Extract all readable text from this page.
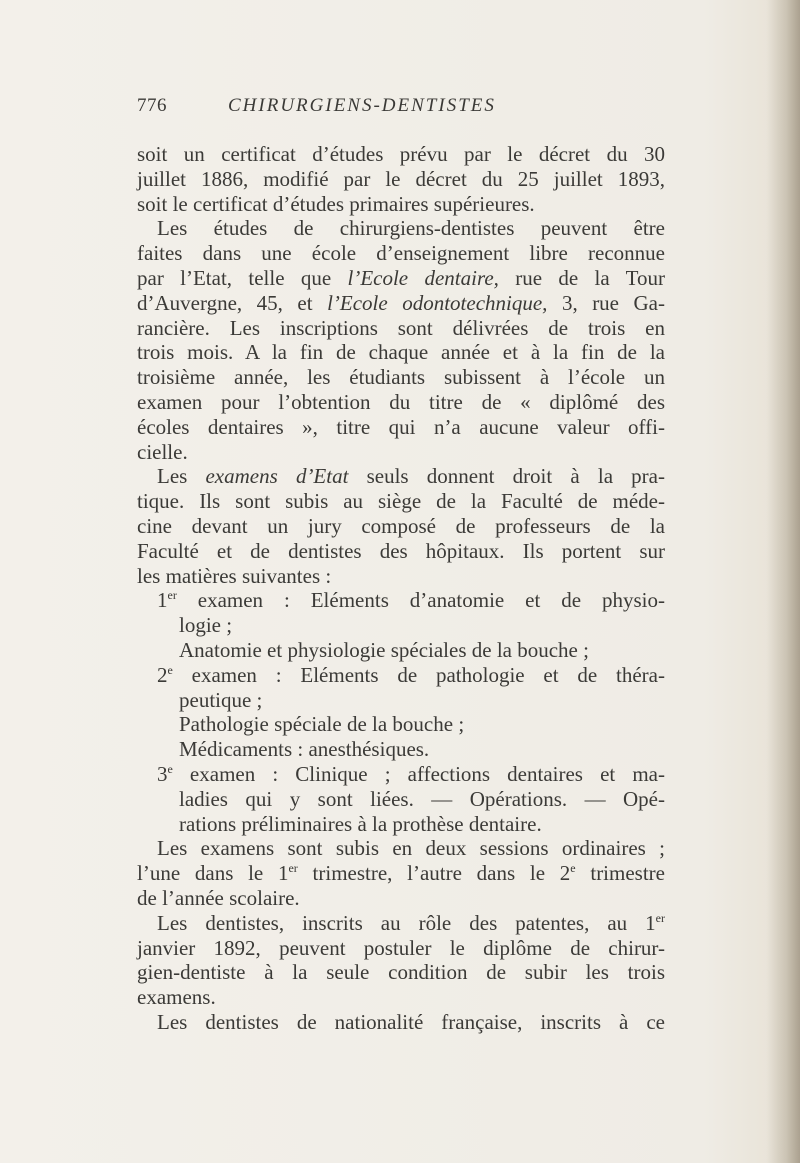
776	CHIRURGIENS-DENTISTES
soit un certificat d’études prévu par le décret du 30
juillet 1886, modifié par le décret du 25 juillet 1893,
soit le certificat d’études primaires supérieures.
Les études de chirurgiens-dentistes peuvent être
faites dans une école d’enseignement libre reconnue
par l’Etat, telle que l’Ecole dentaire, rue de la Tour
d’Auvergne, 45, et l’Ecole odontotechnique, 3, rue Ga-
rancière. Les inscriptions sont délivrées de trois en
trois mois. A la fin de chaque année et à la fin de la
troisième année, les étudiants subissent à l’école un
examen pour l’obtention du titre de « diplômé des
écoles dentaires », titre qui n’a aucune valeur offi-
cielle.
Les examens d’Etat seuls donnent droit à la pra-
tique. Ils sont subis au siège de la Faculté de méde-
cine devant un jury composé de professeurs de la
Faculté et de dentistes des hôpitaux. Ils portent sur
les matières suivantes :
1er examen : Eléments d’anatomie et de physio-
logie ;
Anatomie et physiologie spéciales de la bouche ;
2e examen : Eléments de pathologie et de théra-
peutique ;
Pathologie spéciale de la bouche ;
Médicaments : anesthésiques.
3e examen : Clinique ; affections dentaires et ma-
ladies qui y sont liées. — Opérations. — Opé-
rations préliminaires à la prothèse dentaire.
Les examens sont subis en deux sessions ordinaires ;
l’une dans le 1er trimestre, l’autre dans le 2e trimestre
de l’année scolaire.
Les dentistes, inscrits au rôle des patentes, au 1er
janvier 1892, peuvent postuler le diplôme de chirur-
gien-dentiste à la seule condition de subir les trois
examens.
Les dentistes de nationalité française, inscrits à ce
